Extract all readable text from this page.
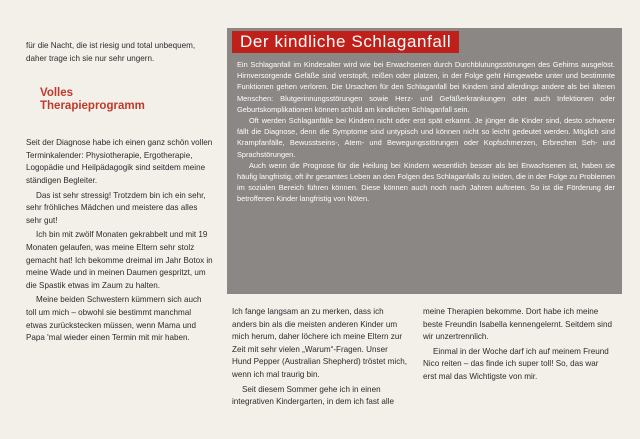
für die Nacht, die ist riesig und total unbequem, daher trage ich sie nur sehr ungern.

Volles
Therapieprogramm

Seit der Diagnose habe ich einen ganz schön vollen Terminkalender: Physiotherapie, Ergotherapie, Logopädie und Heilpädagogik sind seitdem meine ständigen Begleiter.

Das ist sehr stressig! Trotzdem bin ich ein sehr, sehr fröhliches Mädchen und meistere das alles sehr gut!

Ich bin mit zwölf Monaten gekrabbelt und mit 19 Monaten gelaufen, was meine Eltern sehr stolz gemacht hat! Ich bekomme dreimal im Jahr Botox in meine Wade und in meinen Daumen gespritzt, um die Spastik etwas im Zaum zu halten.

Meine beiden Schwestern kümmern sich auch toll um mich – obwohl sie bestimmt manchmal etwas zurückstecken müssen, wenn Mama und Papa 'mal wieder einen Termin mit mir haben.

Der kindliche Schlaganfall

Ein Schlaganfall im Kindesalter wird wie bei Erwachsenen durch Durchblutungsstörungen des Gehirns ausgelöst. Hirnversorgende Gefäße sind verstopft, reißen oder platzen, in der Folge geht Hirngewebe unter und bestimmte Funktionen gehen verloren. Die Ursachen für den Schlaganfall bei Kindern sind allerdings andere als bei älteren Menschen: Blutgerinnungsstörungen sowie Herz- und Gefäßerkrankungen oder auch Infektionen oder Geburtskomplikationen können schuld am kindlichen Schlaganfall sein.

Oft werden Schlaganfälle bei Kindern nicht oder erst spät erkannt. Je jünger die Kinder sind, desto schwerer fällt die Diagnose, denn die Symptome sind untypisch und können nicht so leicht gedeutet werden. Möglich sind Krampfanfälle, Bewusstseins-, Atem- und Bewegungsstörungen oder Kopfschmerzen, Erbrechen Seh- und Sprachstörungen.

Auch wenn die Prognose für die Heilung bei Kindern wesentlich besser als bei Erwachsenen ist, haben sie häufig langfristig, oft ihr gesamtes Leben an den Folgen des Schlaganfalls zu leiden, die in der Folge zu Problemen im sozialen Bereich führen können. Diese können auch noch nach Jahren auftreten. So ist die Förderung der betroffenen Kinder langfristig von Nöten.

Ich fange langsam an zu merken, dass ich anders bin als die meisten anderen Kinder um mich herum, daher löchere ich meine Eltern zur Zeit mit sehr vielen „Warum“-Fragen. Unser Hund Pepper (Australian Shepherd) tröstet mich, wenn ich mal traurig bin.

Seit diesem Sommer gehe ich in einen integrativen Kindergarten, in dem ich fast alle

meine Therapien bekomme. Dort habe ich meine beste Freundin Isabella kennengelernt. Seitdem sind wir unzertrennlich.

Einmal in der Woche darf ich auf meinem Freund Nico reiten – das finde ich super toll! So, das war erst mal das Wichtigste von mir.
